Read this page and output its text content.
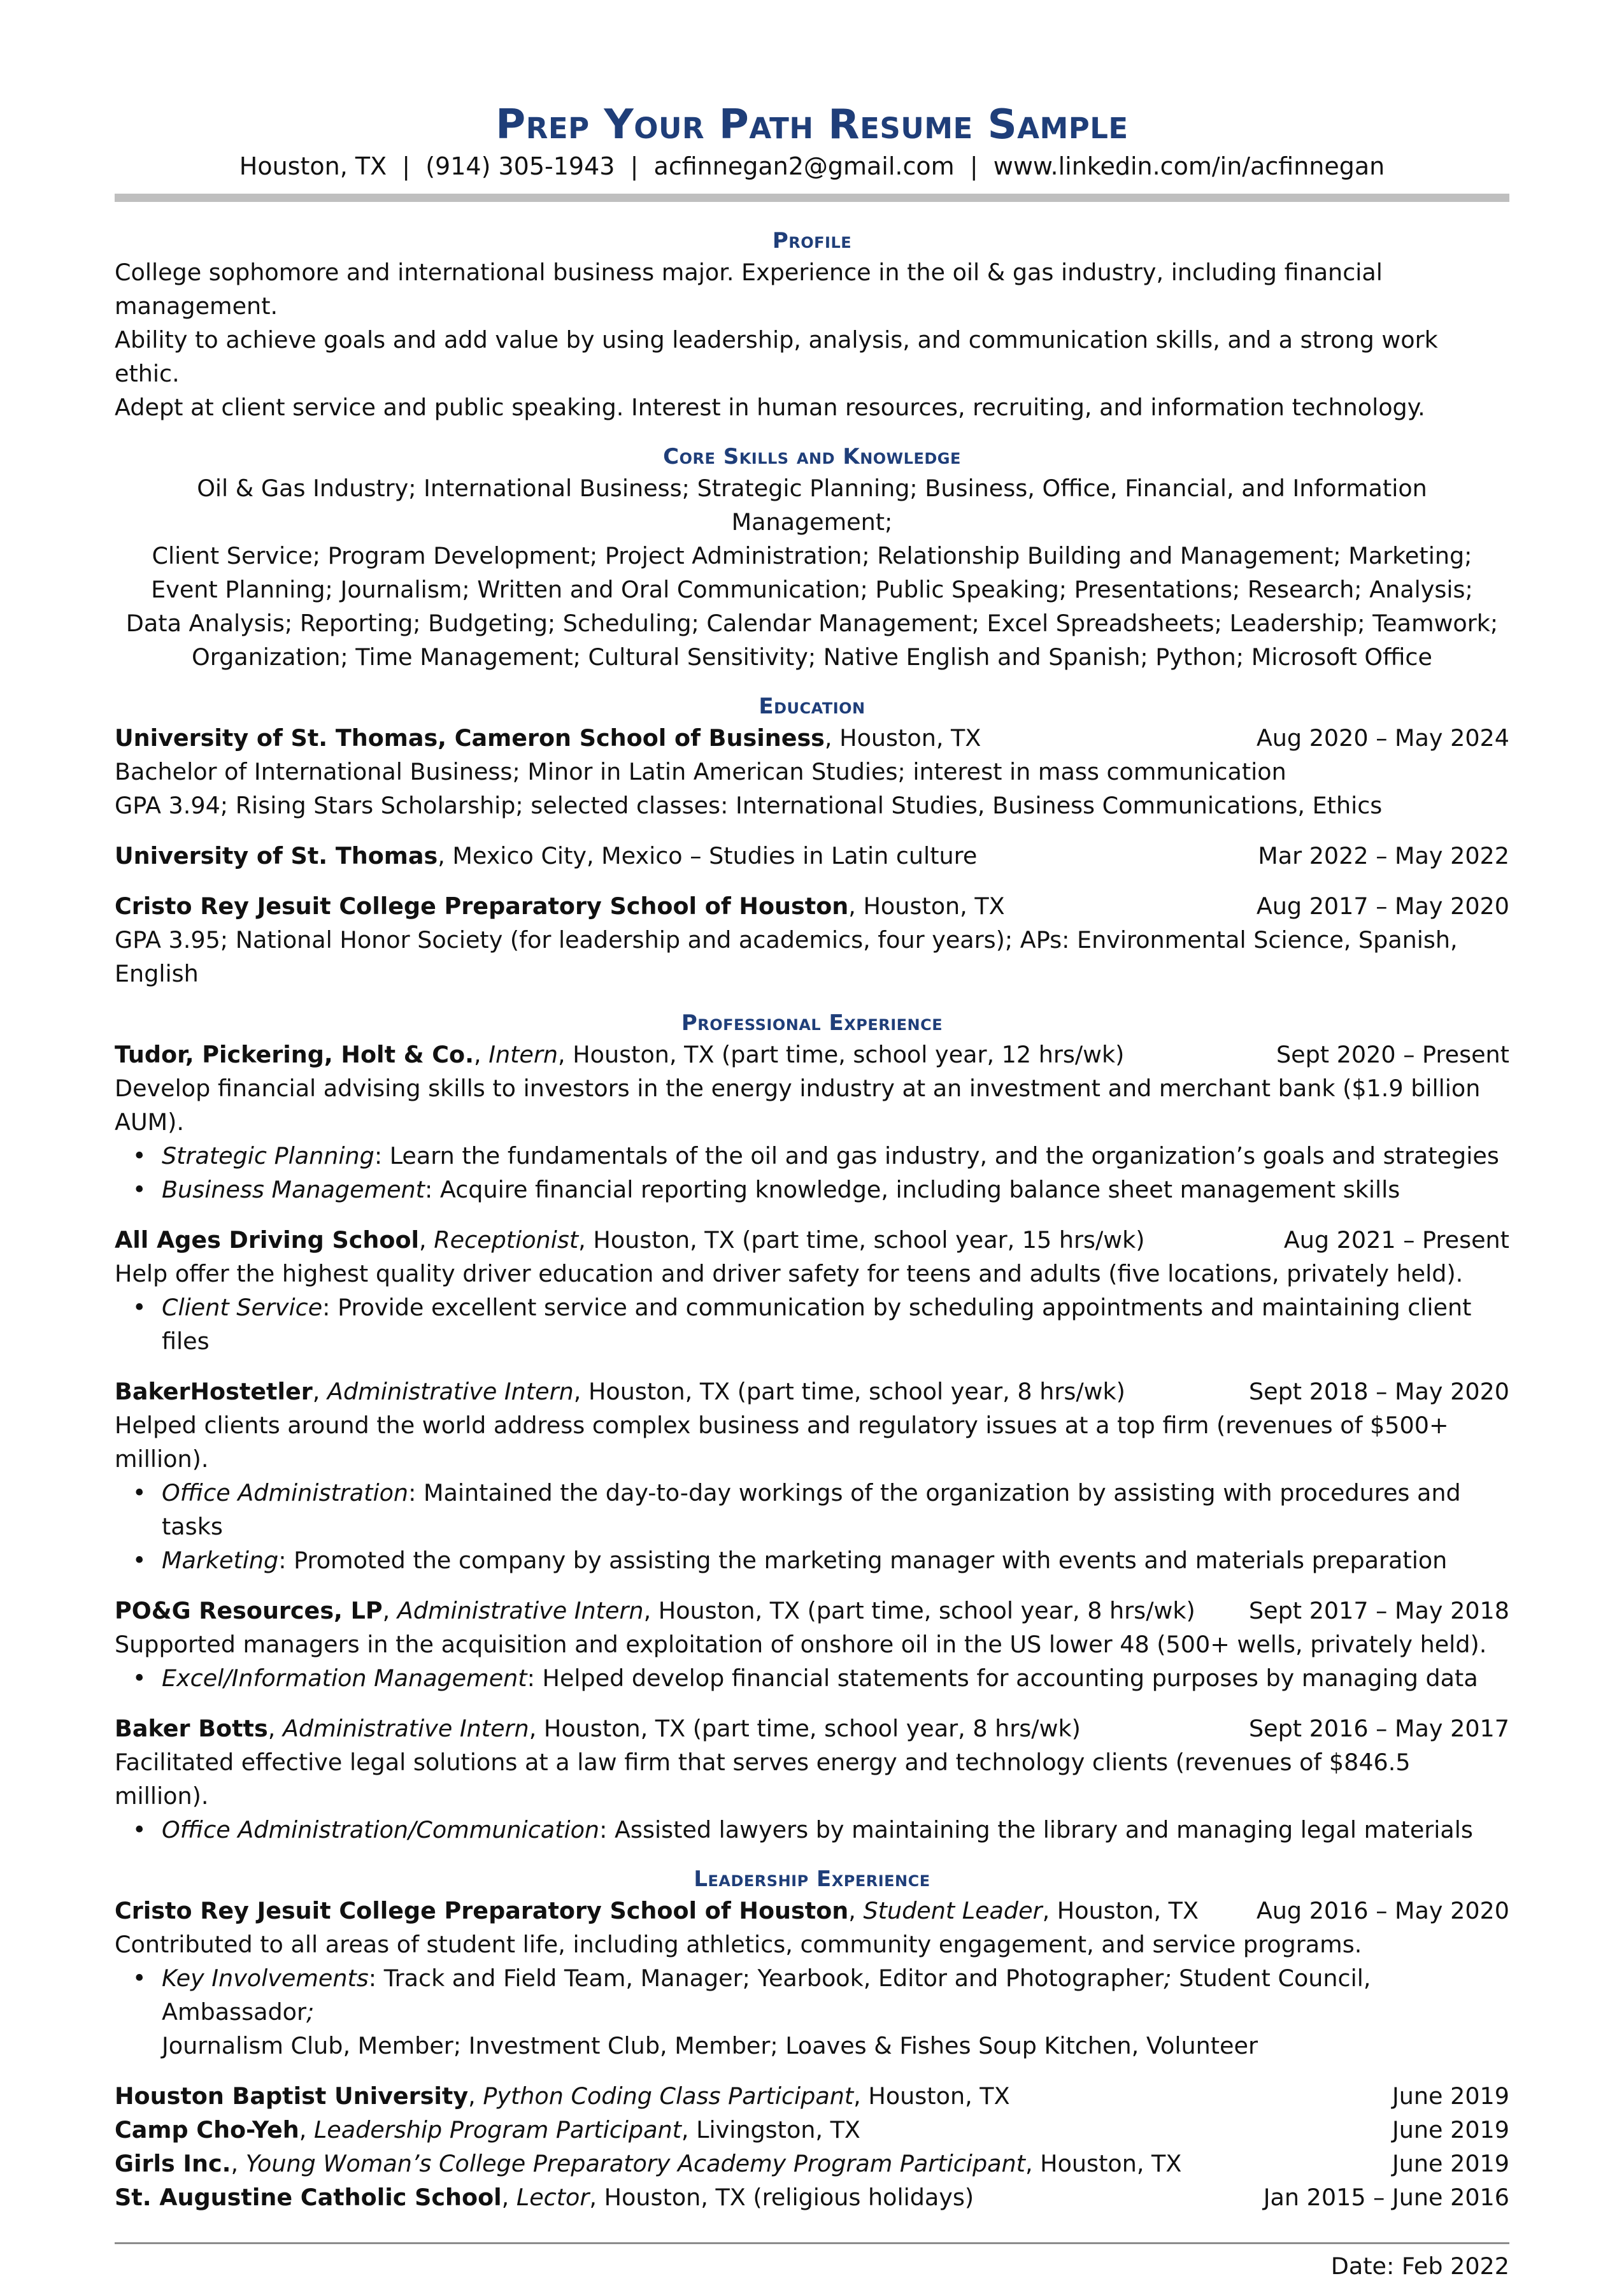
Prep Your Path Resume Sample
Houston, TX  |  (914) 305-1943  |  acfinnegan2@gmail.com  |  www.linkedin.com/in/acfinnegan
Profile
College sophomore and international business major. Experience in the oil & gas industry, including financial management.
Ability to achieve goals and add value by using leadership, analysis, and communication skills, and a strong work ethic.
Adept at client service and public speaking. Interest in human resources, recruiting, and information technology.
Core Skills and Knowledge
Oil & Gas Industry; International Business; Strategic Planning; Business, Office, Financial, and Information Management;
Client Service; Program Development; Project Administration; Relationship Building and Management; Marketing;
Event Planning; Journalism; Written and Oral Communication; Public Speaking; Presentations; Research; Analysis;
Data Analysis; Reporting; Budgeting; Scheduling; Calendar Management; Excel Spreadsheets; Leadership; Teamwork;
Organization; Time Management; Cultural Sensitivity; Native English and Spanish; Python; Microsoft Office
Education
University of St. Thomas, Cameron School of Business, Houston, TX	Aug 2020 – May 2024
Bachelor of International Business; Minor in Latin American Studies; interest in mass communication
GPA 3.94; Rising Stars Scholarship; selected classes: International Studies, Business Communications, Ethics
University of St. Thomas, Mexico City, Mexico – Studies in Latin culture	Mar 2022 – May 2022
Cristo Rey Jesuit College Preparatory School of Houston, Houston, TX	Aug 2017 – May 2020
GPA 3.95; National Honor Society (for leadership and academics, four years); APs: Environmental Science, Spanish, English
Professional Experience
Tudor, Pickering, Holt & Co., Intern, Houston, TX (part time, school year, 12 hrs/wk)	Sept 2020 – Present
Develop financial advising skills to investors in the energy industry at an investment and merchant bank ($1.9 billion AUM).
• Strategic Planning: Learn the fundamentals of the oil and gas industry, and the organization’s goals and strategies
• Business Management: Acquire financial reporting knowledge, including balance sheet management skills
All Ages Driving School, Receptionist, Houston, TX (part time, school year, 15 hrs/wk)	Aug 2021 – Present
Help offer the highest quality driver education and driver safety for teens and adults (five locations, privately held).
• Client Service: Provide excellent service and communication by scheduling appointments and maintaining client files
BakerHostetler, Administrative Intern, Houston, TX (part time, school year, 8 hrs/wk)	Sept 2018 – May 2020
Helped clients around the world address complex business and regulatory issues at a top firm (revenues of $500+ million).
• Office Administration: Maintained the day-to-day workings of the organization by assisting with procedures and tasks
• Marketing: Promoted the company by assisting the marketing manager with events and materials preparation
PO&G Resources, LP, Administrative Intern, Houston, TX (part time, school year, 8 hrs/wk) Sept 2017 – May 2018
Supported managers in the acquisition and exploitation of onshore oil in the US lower 48 (500+ wells, privately held).
• Excel/Information Management: Helped develop financial statements for accounting purposes by managing data
Baker Botts, Administrative Intern, Houston, TX (part time, school year, 8 hrs/wk)	Sept 2016 – May 2017
Facilitated effective legal solutions at a law firm that serves energy and technology clients (revenues of $846.5 million).
• Office Administration/Communication: Assisted lawyers by maintaining the library and managing legal materials
Leadership Experience
Cristo Rey Jesuit College Preparatory School of Houston, Student Leader, Houston, TX Aug 2016 – May 2020
Contributed to all areas of student life, including athletics, community engagement, and service programs.
• Key Involvements: Track and Field Team, Manager; Yearbook, Editor and Photographer; Student Council, Ambassador;
Journalism Club, Member; Investment Club, Member; Loaves & Fishes Soup Kitchen, Volunteer
Houston Baptist University, Python Coding Class Participant, Houston, TX	June 2019
Camp Cho-Yeh, Leadership Program Participant, Livingston, TX	June 2019
Girls Inc., Young Woman’s College Preparatory Academy Program Participant, Houston, TX	June 2019
St. Augustine Catholic School, Lector, Houston, TX (religious holidays)	Jan 2015 – June 2016
Date: Feb 2022
